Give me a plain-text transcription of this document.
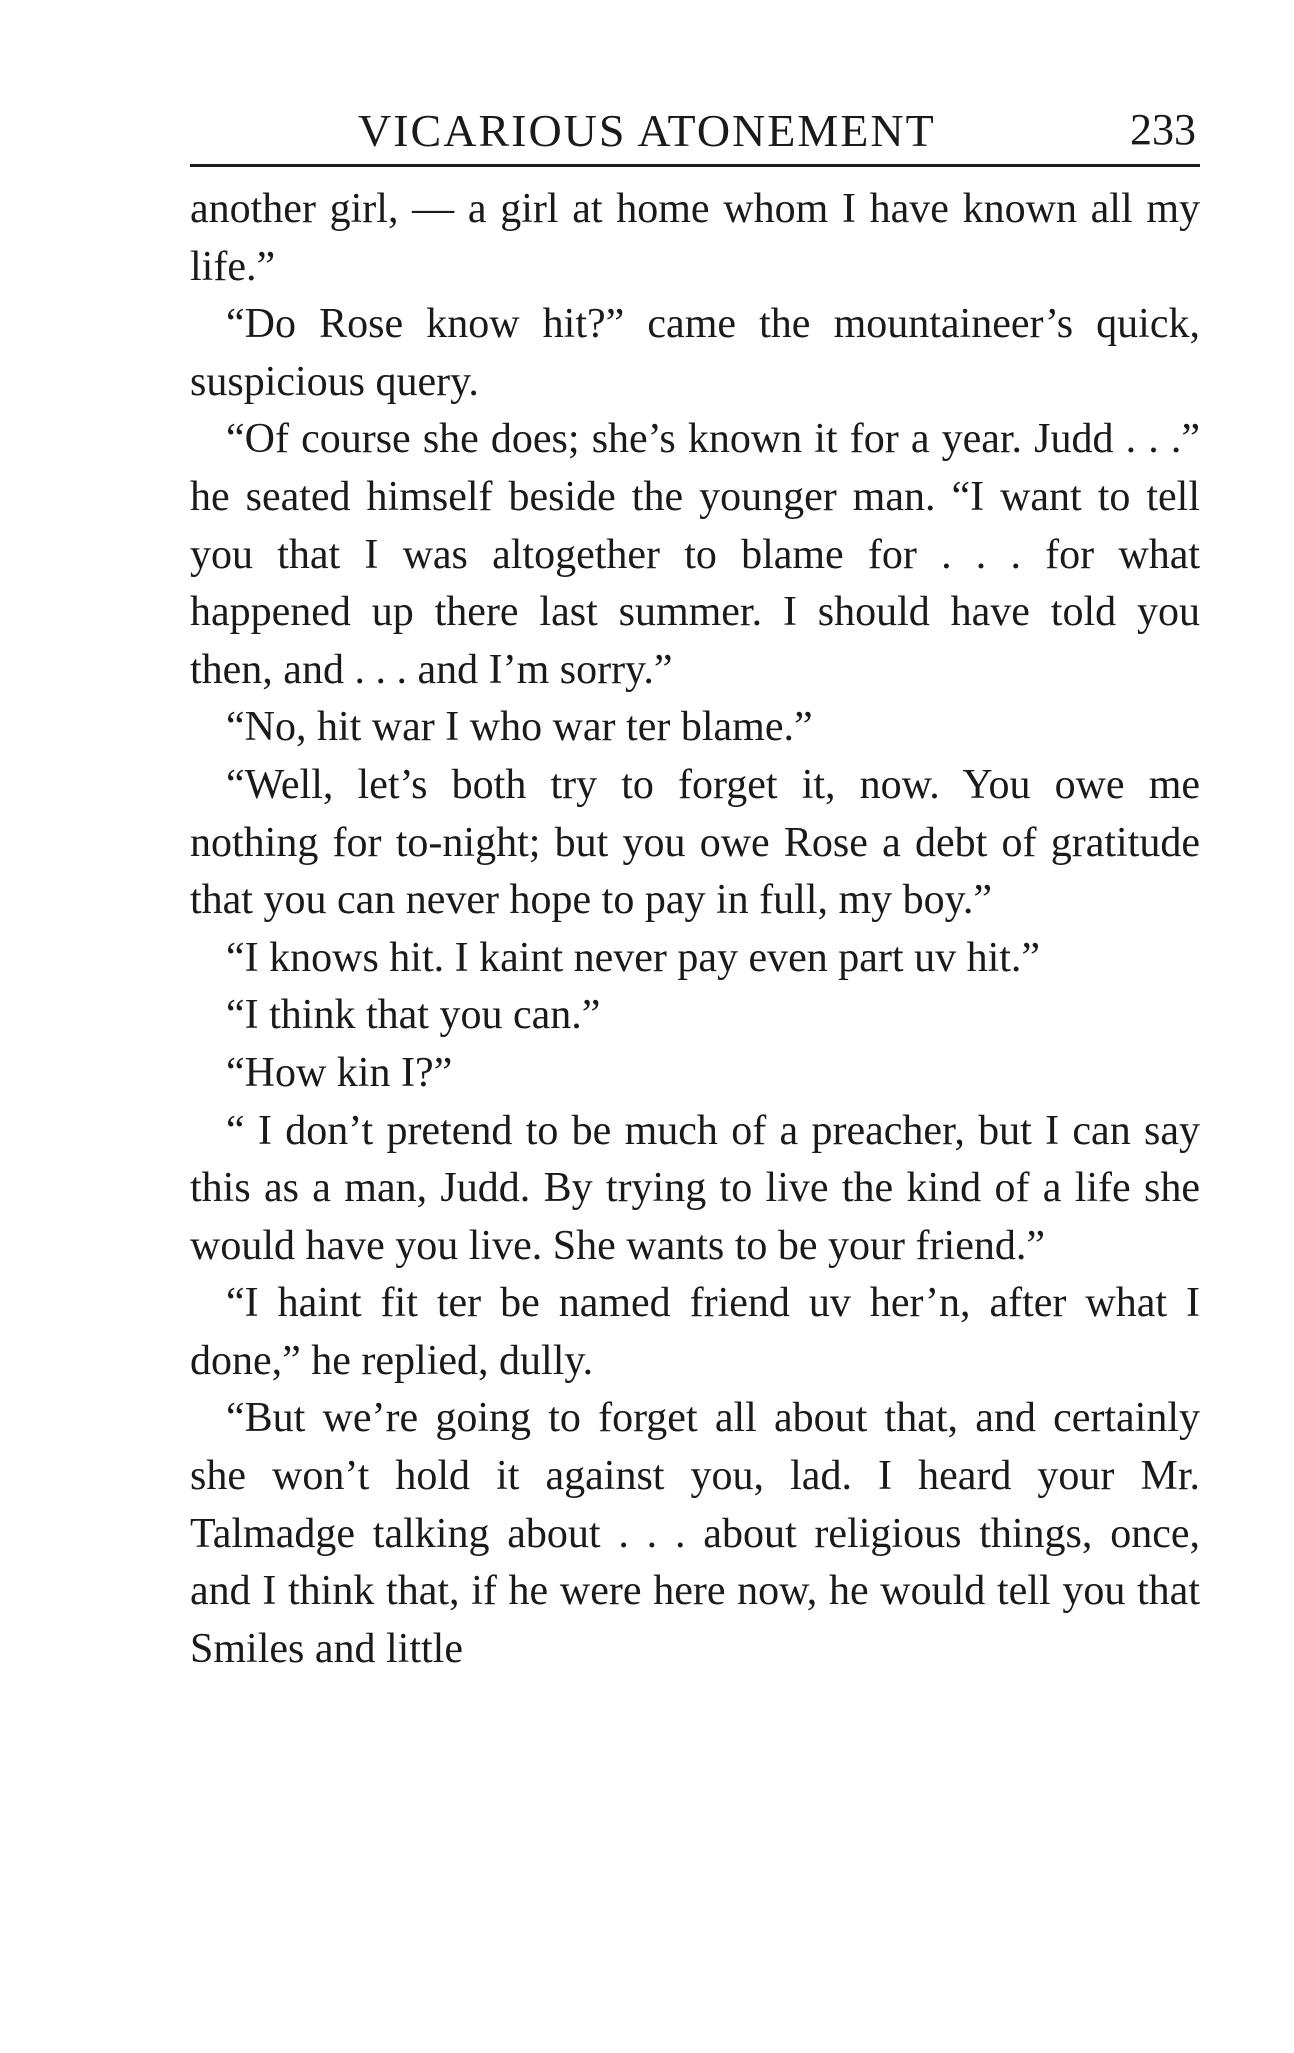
VICARIOUS ATONEMENT	233

another girl, — a girl at home whom I have known all my life.”

“Do Rose know hit?” came the mountaineer’s quick, suspicious query.

“Of course she does; she’s known it for a year. Judd . . .” he seated himself beside the younger man. “I want to tell you that I was altogether to blame for . . . for what happened up there last summer. I should have told you then, and . . . and I’m sorry.”

“No, hit war I who war ter blame.”

“Well, let’s both try to forget it, now. You owe me nothing for to-night; but you owe Rose a debt of gratitude that you can never hope to pay in full, my boy.”

“I knows hit. I kaint never pay even part uv hit.”

“I think that you can.”

“How kin I?”

“ I don’t pretend to be much of a preacher, but I can say this as a man, Judd. By trying to live the kind of a life she would have you live. She wants to be your friend.”

“I haint fit ter be named friend uv her’n, after what I done,” he replied, dully.

“But we’re going to forget all about that, and certainly she won’t hold it against you, lad. I heard your Mr. Talmadge talking about . . . about religious things, once, and I think that, if he were here now, he would tell you that Smiles and little
